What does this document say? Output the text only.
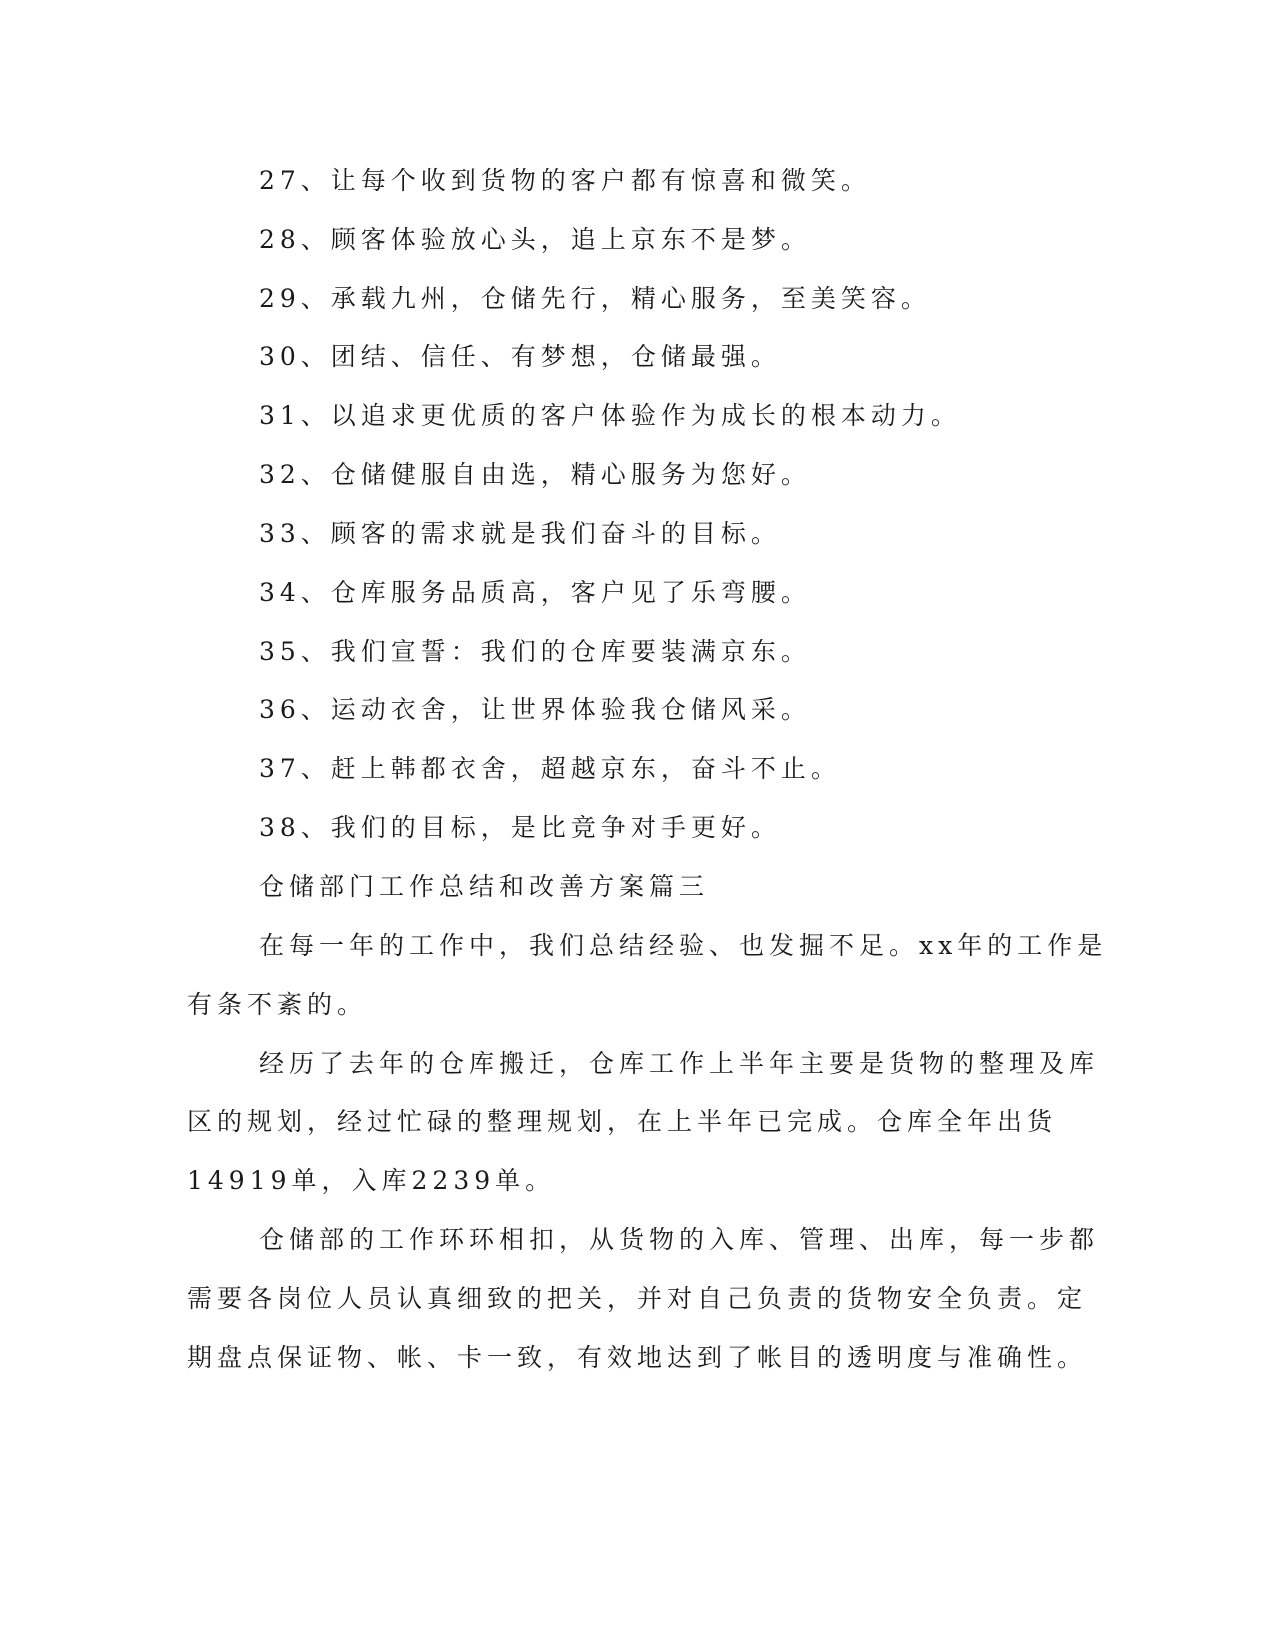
27、让每个收到货物的客户都有惊喜和微笑。
28、顾客体验放心头，追上京东不是梦。
29、承载九州，仓储先行，精心服务，至美笑容。
30、团结、信任、有梦想，仓储最强。
31、以追求更优质的客户体验作为成长的根本动力。
32、仓储健服自由选，精心服务为您好。
33、顾客的需求就是我们奋斗的目标。
34、仓库服务品质高，客户见了乐弯腰。
35、我们宣誓：我们的仓库要装满京东。
36、运动衣舍，让世界体验我仓储风采。
37、赶上韩都衣舍，超越京东，奋斗不止。
38、我们的目标，是比竞争对手更好。
仓储部门工作总结和改善方案篇三
在每一年的工作中，我们总结经验、也发掘不足。xx年的工作是
有条不紊的。
经历了去年的仓库搬迁，仓库工作上半年主要是货物的整理及库
区的规划，经过忙碌的整理规划，在上半年已完成。仓库全年出货
14919单，入库2239单。
仓储部的工作环环相扣，从货物的入库、管理、出库，每一步都
需要各岗位人员认真细致的把关，并对自己负责的货物安全负责。定
期盘点保证物、帐、卡一致，有效地达到了帐目的透明度与准确性。
